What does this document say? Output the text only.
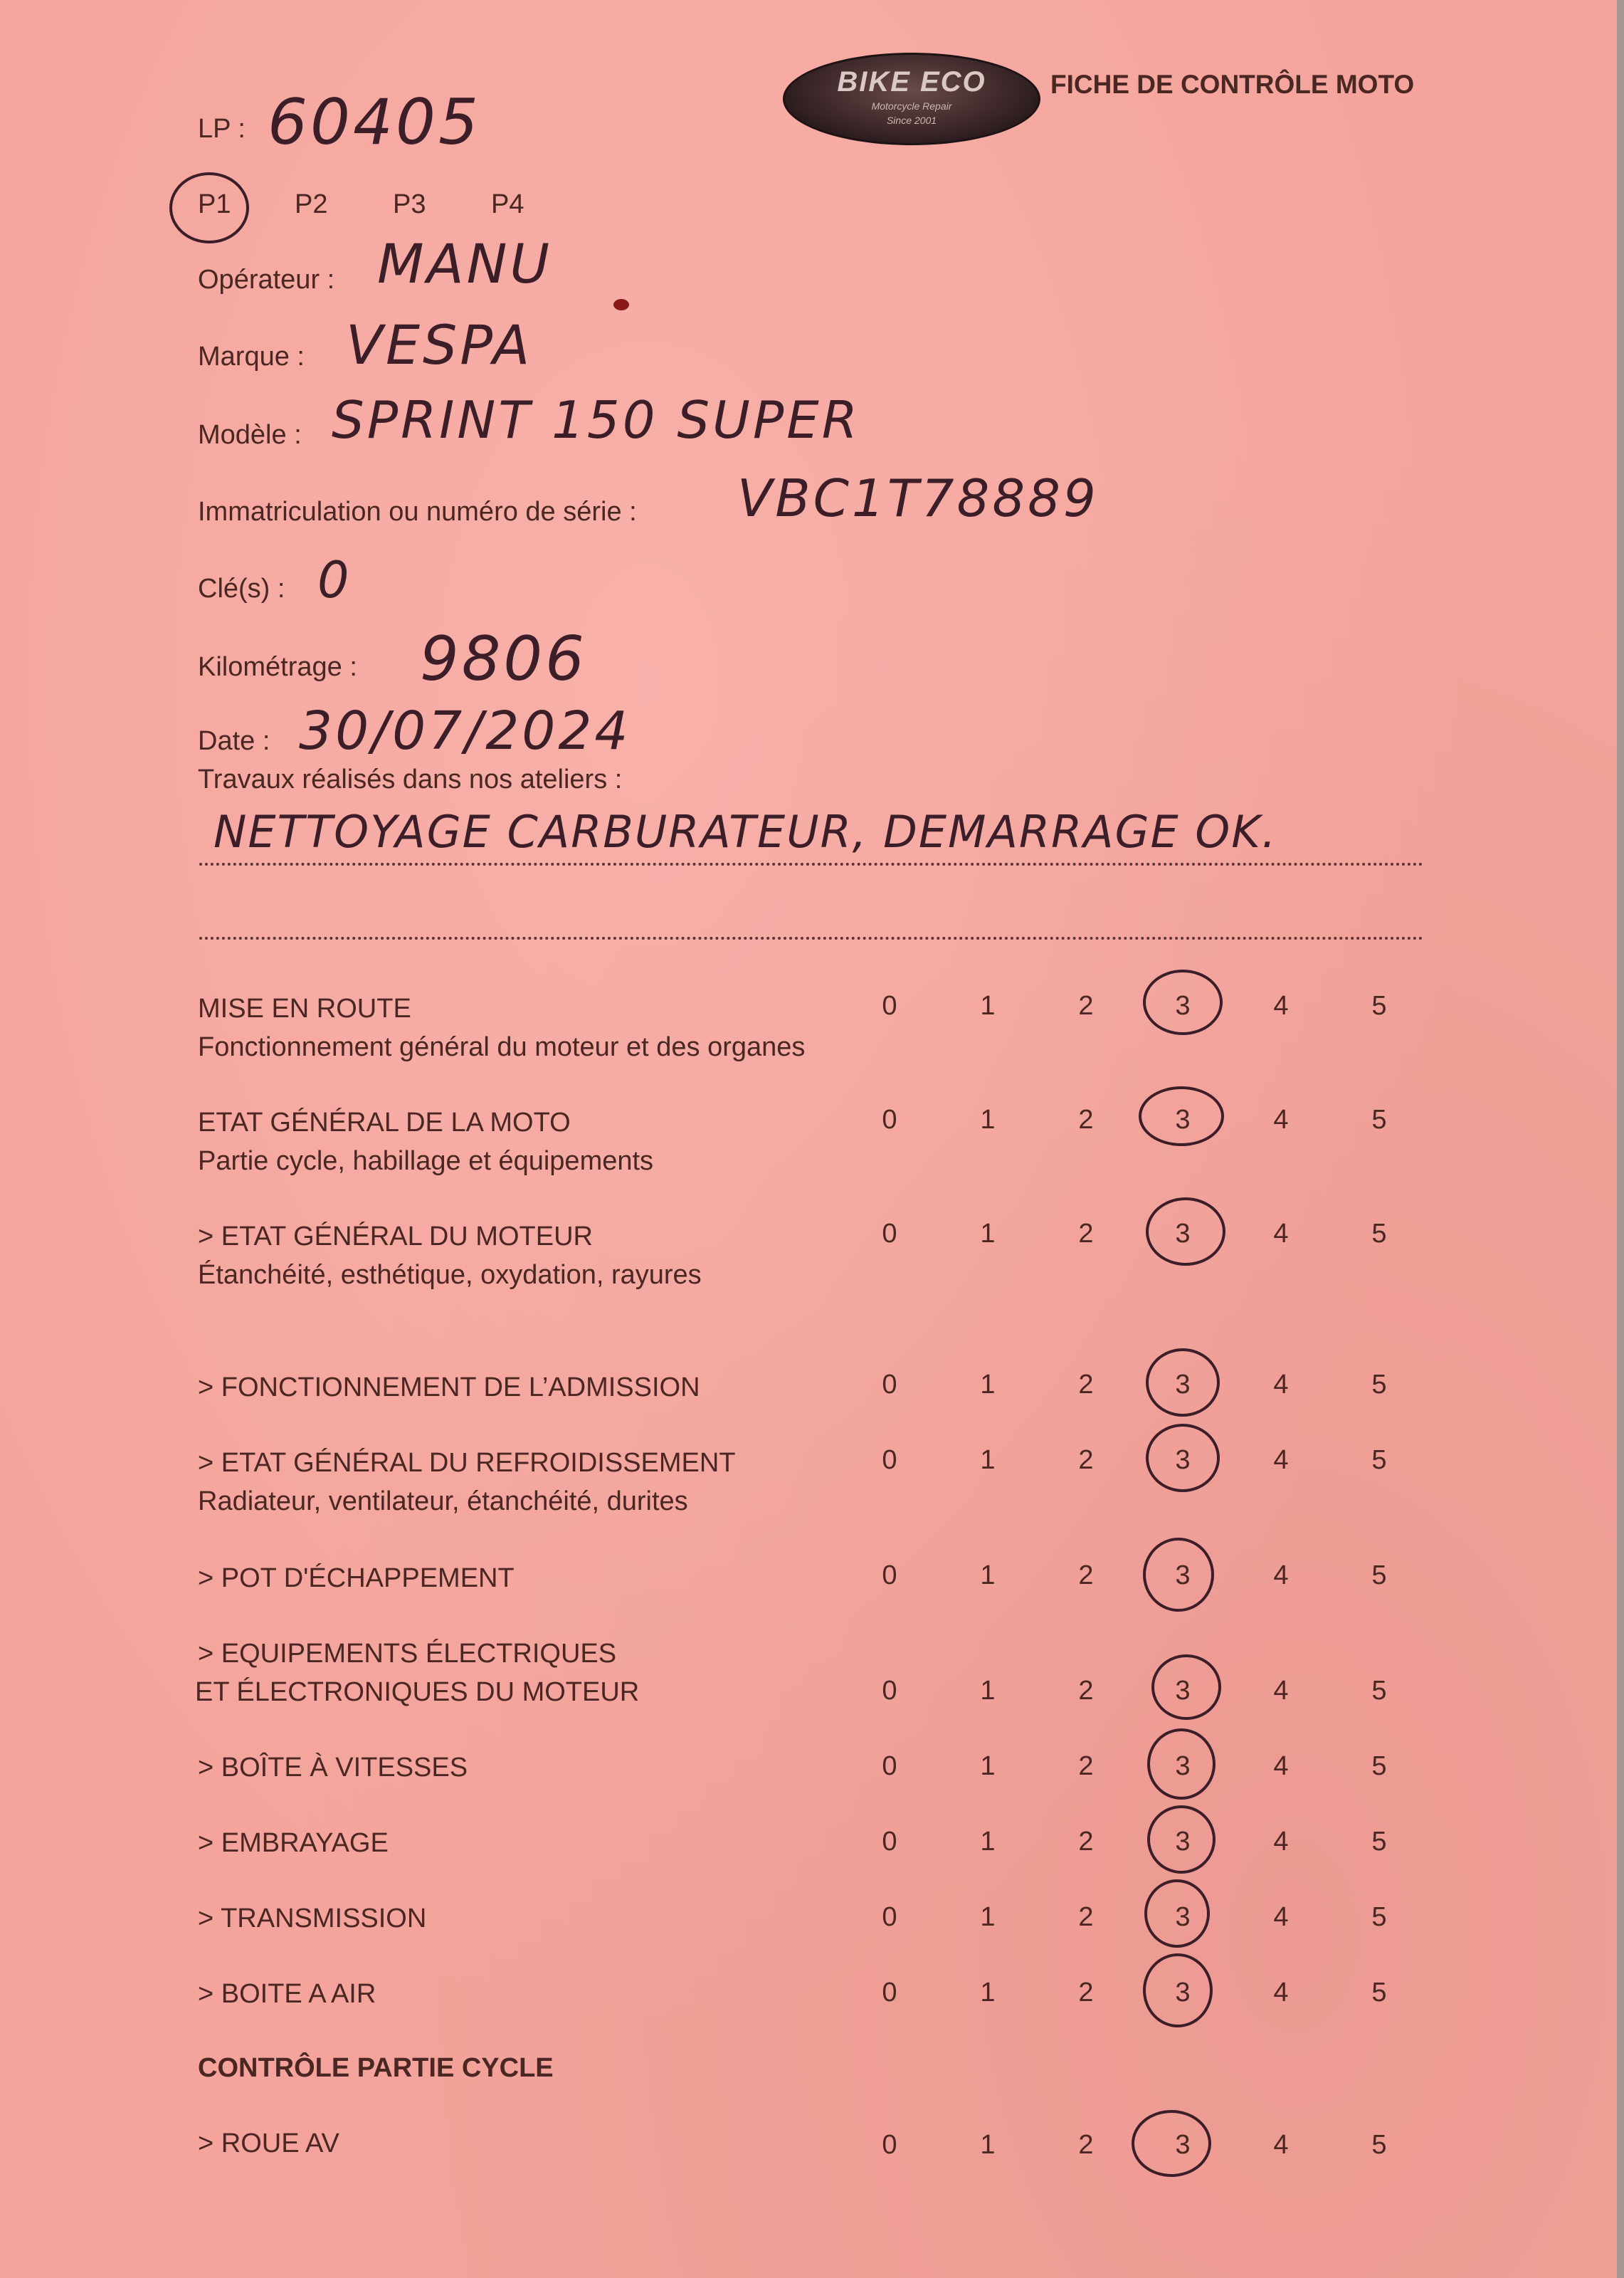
BIKE ECO
Motorcycle Repair
Since 2001
FICHE DE CONTRÔLE MOTO
LP : 60405
P1 P2 P3 P4
Opérateur : MANU
Marque : VESPA
Modèle : SPRINT 150 SUPER
Immatriculation ou numéro de série : VBC1T78889
Clé(s) : 0
Kilométrage : 9806
Date : 30/07/2024
Travaux réalisés dans nos ateliers :
NETTOYAGE CARBURATEUR, DEMARRAGE OK.
MISE EN ROUTE
Fonctionnement général du moteur et des organes
0	1	2	3	4	5
ETAT GÉNÉRAL DE LA MOTO
Partie cycle, habillage et équipements
0	1	2	3	4	5
> ETAT GÉNÉRAL DU MOTEUR
Étanchéité, esthétique, oxydation, rayures
0	1	2	3	4	5
> FONCTIONNEMENT DE L’ADMISSION	0	1	2	3	4	5
> ETAT GÉNÉRAL DU REFROIDISSEMENT
Radiateur, ventilateur, étanchéité, durites
0	1	2	3	4	5
> POT D'ÉCHAPPEMENT	0	1	2	3	4	5
> EQUIPEMENTS ÉLECTRIQUES
ET ÉLECTRONIQUES DU MOTEUR	0	1	2	3	4	5
> BOÎTE À VITESSES	0	1	2	3	4	5
> EMBRAYAGE	0	1	2	3	4	5
> TRANSMISSION	0	1	2	3	4	5
> BOITE A AIR	0	1	2	3	4	5
CONTRÔLE PARTIE CYCLE
> ROUE AV	0	1	2	3	4	5
